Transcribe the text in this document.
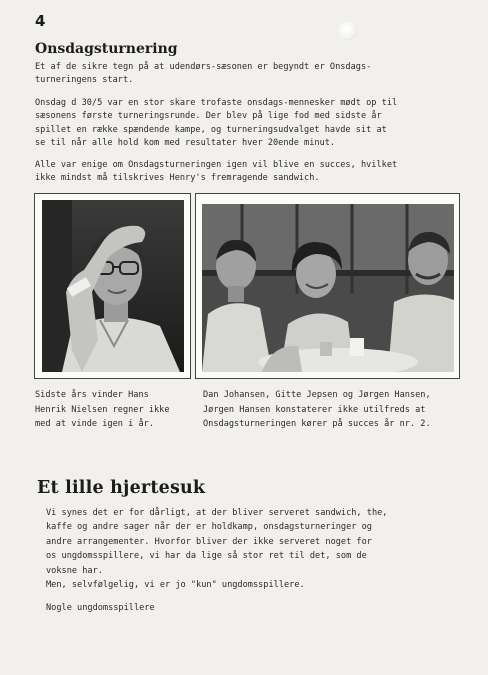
4
Onsdagsturnering
Et af de sikre tegn på at udendørs-sæsonen er begyndt er Onsdags-
turneringens start.
Onsdag d 30/5 var en stor skare trofaste onsdags-mennesker mødt op til
sæsonens første turneringsrunde. Der blev på lige fod med sidste år
spillet en række spændende kampe, og turneringsudvalget havde sit at
se til når alle hold kom med resultater hver 20ende minut.
Alle var enige om Onsdagsturneringen igen vil blive en succes, hvilket
ikke mindst må tilskrives Henry's fremragende sandwich.
Sidste års vinder Hans
Henrik Nielsen regner ikke
med at vinde igen i år.
Dan Johansen, Gitte Jepsen og Jørgen Hansen,
Jørgen Hansen konstaterer ikke utilfreds at
Onsdagsturneringen kører på succes år nr. 2.
Et lille hjertesuk
Vi synes det er for dårligt, at der bliver serveret sandwich, the,
kaffe og andre sager når der er holdkamp, onsdagsturneringer og
andre arrangementer. Hvorfor bliver der ikke serveret noget for
os ungdomsspillere, vi har da lige så stor ret til det, som de
voksne har.
Men, selvfølgelig, vi er jo "kun" ungdomsspillere.
Nogle ungdomsspillere
